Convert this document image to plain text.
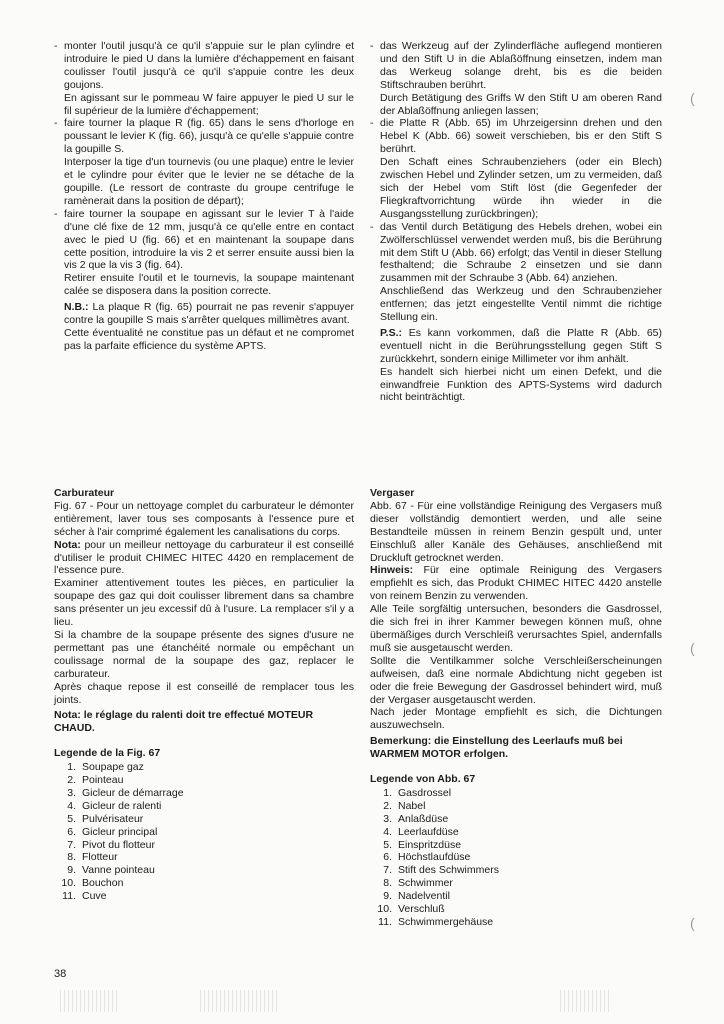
- monter l'outil jusqu'à ce qu'il s'appuie sur le plan cylindre et introduire le pied U dans la lumière d'échappement en faisant coulisser l'outil jusqu'à ce qu'il s'appuie contre les deux goujons.

En agissant sur le pommeau W faire appuyer le pied U sur le fil supérieur de la lumière d'échappement;

- faire tourner la plaque R (fig. 65) dans le sens d'horloge en poussant le levier K (fig. 66), jusqu'à ce qu'elle s'appuie contre la goupille S.

Interposer la tige d'un tournevis (ou une plaque) entre le levier et le cylindre pour éviter que le levier ne se détache de la goupille. (Le ressort de contraste du groupe centrifuge le ramènerait dans la position de départ);

- faire tourner la soupape en agissant sur le levier T à l'aide d'une clé fixe de 12 mm, jusqu'à ce qu'elle entre en contact avec le pied U (fig. 66) et en maintenant la soupape dans cette position, introduire la vis 2 et serrer ensuite aussi bien la vis 2 que la vis 3 (fig. 64).

Retirer ensuite l'outil et le tournevis, la soupape maintenant calée se disposera dans la position correcte.

N.B.: La plaque R (fig. 65) pourrait ne pas revenir s'appuyer contre la goupille S mais s'arrêter quelques millimètres avant.

Cette éventualité ne constitue pas un défaut et ne compromet pas la parfaite efficience du système APTS.

- das Werkzeug auf der Zylinderfläche auflegend montieren und den Stift U in die Ablaßöffnung einsetzen, indem man das Werkeug solange dreht, bis es die beiden Stiftschrauben berührt.

Durch Betätigung des Griffs W den Stift U am oberen Rand der Ablaßöffnung anliegen lassen;

- die Platte R (Abb. 65) im Uhrzeigersinn drehen und den Hebel K (Abb. 66) soweit verschieben, bis er den Stift S berührt.

Den Schaft eines Schraubenziehers (oder ein Blech) zwischen Hebel und Zylinder setzen, um zu vermeiden, daß sich der Hebel vom Stift löst (die Gegenfeder der Fliegkraftvorrichtung würde ihn wieder in die Ausgangsstellung zurückbringen);

- das Ventil durch Betätigung des Hebels drehen, wobei ein Zwölferschlüssel verwendet werden muß, bis die Berührung mit dem Stift U (Abb. 66) erfolgt; das Ventil in dieser Stellung festhaltend; die Schraube 2 einsetzen und sie dann zusammen mit der Schraube 3 (Abb. 64) anziehen.

Anschließend das Werkzeug und den Schraubenzieher entfernen; das jetzt eingestellte Ventil nimmt die richtige Stellung ein.

P.S.: Es kann vorkommen, daß die Platte R (Abb. 65) eventuell nicht in die Berührungsstellung gegen Stift S zurückkehrt, sondern einige Millimeter vor ihm anhält.

Es handelt sich hierbei nicht um einen Defekt, und die einwandfreie Funktion des APTS-Systems wird dadurch nicht beinträchtigt.

Carburateur

Fig. 67 - Pour un nettoyage complet du carburateur le démonter entièrement, laver tous ses composants à l'essence pure et sécher à l'air comprimé également les canalisations du corps.

Nota: pour un meilleur nettoyage du carburateur il est conseillé d'utiliser le produit CHIMEC HITEC 4420 en remplacement de l'essence pure.

Examiner attentivement toutes les pièces, en particulier la soupape des gaz qui doit coulisser librement dans sa chambre sans présenter un jeu excessif dû à l'usure. La remplacer s'il y a lieu.

Si la chambre de la soupape présente des signes d'usure ne permettant pas une étanchéité normale ou empêchant un coulissage normal de la soupape des gaz, replacer le carburateur.

Après chaque repose il est conseillé de remplacer tous les joints.

Nota: le réglage du ralenti doit tre effectué MOTEUR CHAUD.

Legende de la Fig. 67
1. Soupape gaz
2. Pointeau
3. Gicleur de démarrage
4. Gicleur de ralenti
5. Pulvérisateur
6. Gicleur principal
7. Pivot du flotteur
8. Flotteur
9. Vanne pointeau
10. Bouchon
11. Cuve
Vergaser

Abb. 67 - Für eine vollständige Reinigung des Vergasers muß dieser vollständig demontiert werden, und alle seine Bestandteile müssen in reinem Benzin gespült und, unter Einschluß aller Kanäle des Gehäuses, anschließend mit Druckluft getrocknet werden.

Hinweis: Für eine optimale Reinigung des Vergasers empfiehlt es sich, das Produkt CHIMEC HITEC 4420 anstelle von reinem Benzin zu verwenden.

Alle Teile sorgfältig untersuchen, besonders die Gasdrossel, die sich frei in ihrer Kammer bewegen können muß, ohne übermäßiges durch Verschleiß verursachtes Spiel, andernfalls muß sie ausgetauscht werden.

Sollte die Ventilkammer solche Verschleißerscheinungen aufweisen, daß eine normale Abdichtung nicht gegeben ist oder die freie Bewegung der Gasdrossel behindert wird, muß der Vergaser ausgetauscht werden.

Nach jeder Montage empfiehlt es sich, die Dichtungen auszuwechseln.

Bemerkung: die Einstellung des Leerlaufs muß bei WARMEM MOTOR erfolgen.

Legende von Abb. 67
1. Gasdrossel
2. Nabel
3. Anlaßdüse
4. Leerlaufdüse
5. Einspritzdüse
6. Höchstlaufdüse
7. Stift des Schwimmers
8. Schwimmer
9. Nadelventil
10. Verschluß
11. Schwimmergehäuse
38
(
(
(
